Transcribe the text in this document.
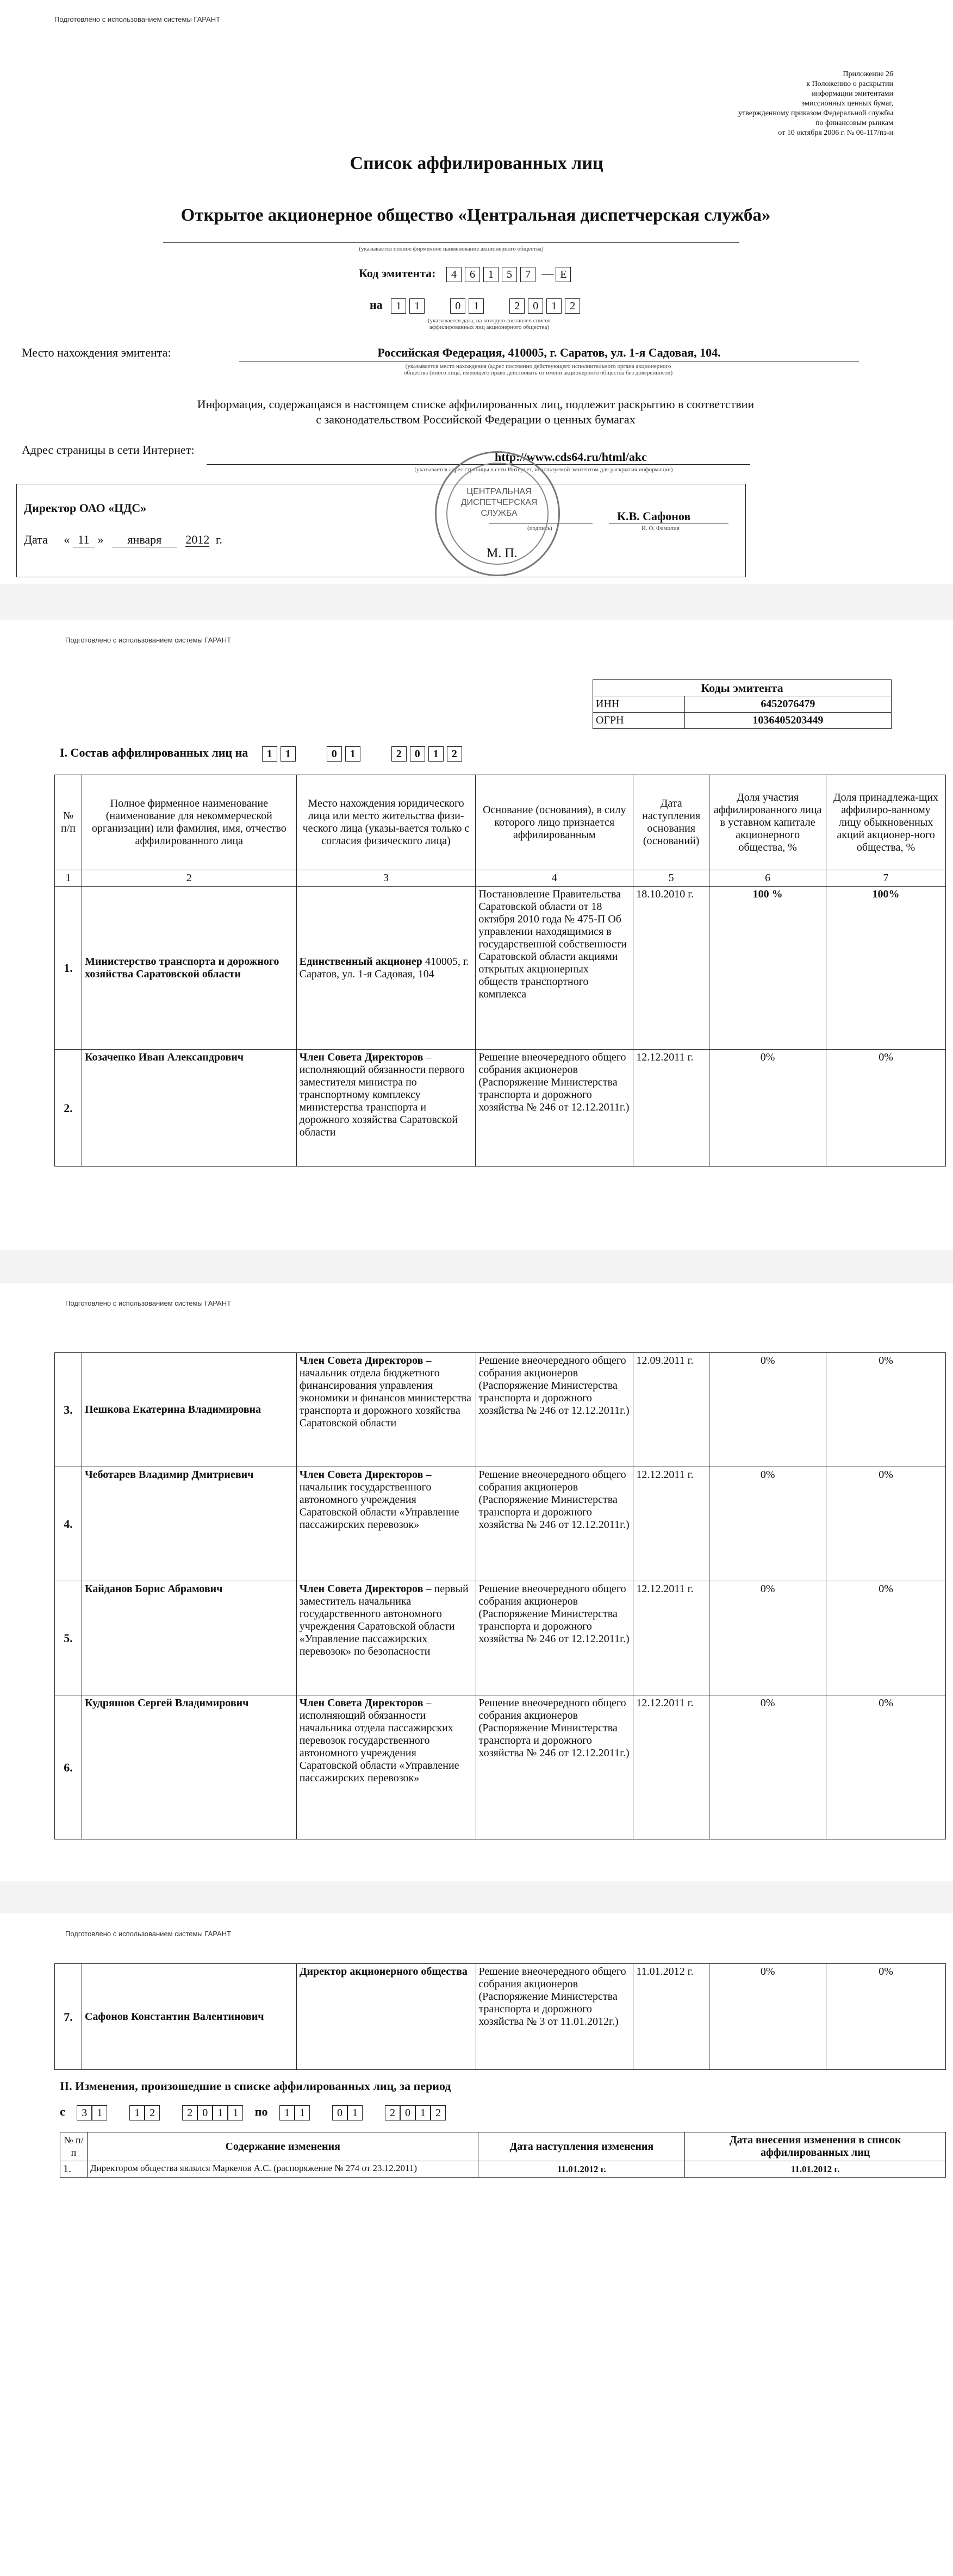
Подготовлено с использованием системы ГАРАНТ
Приложение 26
к Положению о раскрытии
информации эмитентами
эмиссионных ценных бумаг,
утвержденному приказом Федеральной службы
по финансовым рынкам
от 10 октября 2006 г. № 06-117/пз-н
Список аффилированных лиц
Открытое акционерное общество «Центральная диспетчерская служба»
(указывается полное фирменное наименование акционерного общества)
Код эмитента: 4 6 1 5 7 — E
на 1 1	0 1	2 0 1 2
(указывается дата, на которую составлен список
аффилированных лиц акционерного общества)
Место нахождения эмитента:	Российская Федерация, 410005, г. Саратов, ул. 1-я Садовая, 104.
(указывается место нахождения (адрес постоянно действующего исполнительного органа акционерного
общества (иного лица, имеющего право действовать от имени акционерного общества без доверенности)
Информация, содержащаяся в настоящем списке аффилированных лиц, подлежит раскрытию в соответствии
с законодательством Российской Федерации о ценных бумагах
Адрес страницы в сети Интернет:
http://www.cds64.ru/html/akc
(указывается адрес страницы в сети Интернет, используемой эмитентом для раскрытия информации)
Директор ОАО «ЦДС»
К.В. Сафонов
(подпись)	И. О. Фамилия
Дата « 11 » января 2012 г.
ЦЕНТРАЛЬНАЯ
ДИСПЕТЧЕРСКАЯ
СЛУЖБА
М. П.
Подготовлено с использованием системы ГАРАНТ
Коды эмитента	
ИНН	6452076479
ОГРН	1036405203449
I. Состав аффилированных лиц на 1 1	0 1	2 0 1 2
№ п/п	Полное фирменное наименование (наименование для некоммерческой организации) или фамилия, имя, отчество аффилированного лица	Место нахождения юридического лица или место жительства физи-ческого лица (указы-вается только с согласия физического лица)	Основание (основания), в силу которого лицо признается аффилированным	Дата наступления основания (оснований)	Доля участия аффилированного лица в уставном капитале акционерного общества, %	Доля принадлежа-щих аффилиро-ванному лицу обыкновенных акций акционер-ного общества, %
1	2	3	4	5	6	7
1.	Министерство транспорта и дорожного хозяйства Саратовской области	Единственный акционер 410005, г. Саратов, ул. 1-я Садовая, 104	Постановление Правительства Саратовской области от 18 октября 2010 года № 475-П Об управлении находящимися в государственной собственности Саратовской области акциями открытых акционерных обществ транспортного комплекса	18.10.2010 г.	100 %	100%
2.	Козаченко Иван Александрович	Член Совета Директоров – исполняющий обязанности первого заместителя министра по транспортному комплексу министерства транспорта и дорожного хозяйства Саратовской области	Решение внеочередного общего собрания акционеров (Распоряжение Министерства транспорта и дорожного хозяйства № 246 от 12.12.2011г.)	12.12.2011 г.	0%	0%
Подготовлено с использованием системы ГАРАНТ
3.	Пешкова Екатерина Владимировна	Член Совета Директоров – начальник отдела бюджетного финансирования управления экономики и финансов министерства транспорта и дорожного хозяйства Саратовской области	Решение внеочередного общего собрания акционеров (Распоряжение Министерства транспорта и дорожного хозяйства № 246 от 12.12.2011г.)	12.09.2011 г.	0%	0%
4.	Чеботарев Владимир Дмитриевич	Член Совета Директоров – начальник государственного автономного учреждения Саратовской области «Управление пассажирских перевозок»	Решение внеочередного общего собрания акционеров (Распоряжение Министерства транспорта и дорожного хозяйства № 246 от 12.12.2011г.)	12.12.2011 г.	0%	0%
5.	Кайданов Борис Абрамович	Член Совета Директоров – первый заместитель начальника государственного автономного учреждения Саратовской области «Управление пассажирских перевозок» по безопасности	Решение внеочередного общего собрания акционеров (Распоряжение Министерства транспорта и дорожного хозяйства № 246 от 12.12.2011г.)	12.12.2011 г.	0%	0%
6.	Кудряшов Сергей Владимирович	Член Совета Директоров – исполняющий обязанности начальника отдела пассажирских перевозок государственного автономного учреждения Саратовской области «Управление пассажирских перевозок»	Решение внеочередного общего собрания акционеров (Распоряжение Министерства транспорта и дорожного хозяйства № 246 от 12.12.2011г.)	12.12.2011 г.	0%	0%
Подготовлено с использованием системы ГАРАНТ
7.	Сафонов Константин Валентинович	Директор акционерного общества	Решение внеочередного общего собрания акционеров (Распоряжение Министерства транспорта и дорожного хозяйства № 3 от 11.01.2012г.)	11.01.2012 г.	0%	0%
II. Изменения, произошедшие в списке аффилированных лиц, за период
с 3 1	1 2	2 0 1 1 по 1 1	0 1	2 0 1 2
№ п/п	Содержание изменения	Дата наступления изменения	Дата внесения изменения в список аффилированных лиц
1.	Директором общества являлся Маркелов А.С. (распоряжение № 274 от 23.12.2011)	11.01.2012 г.	11.01.2012 г.
